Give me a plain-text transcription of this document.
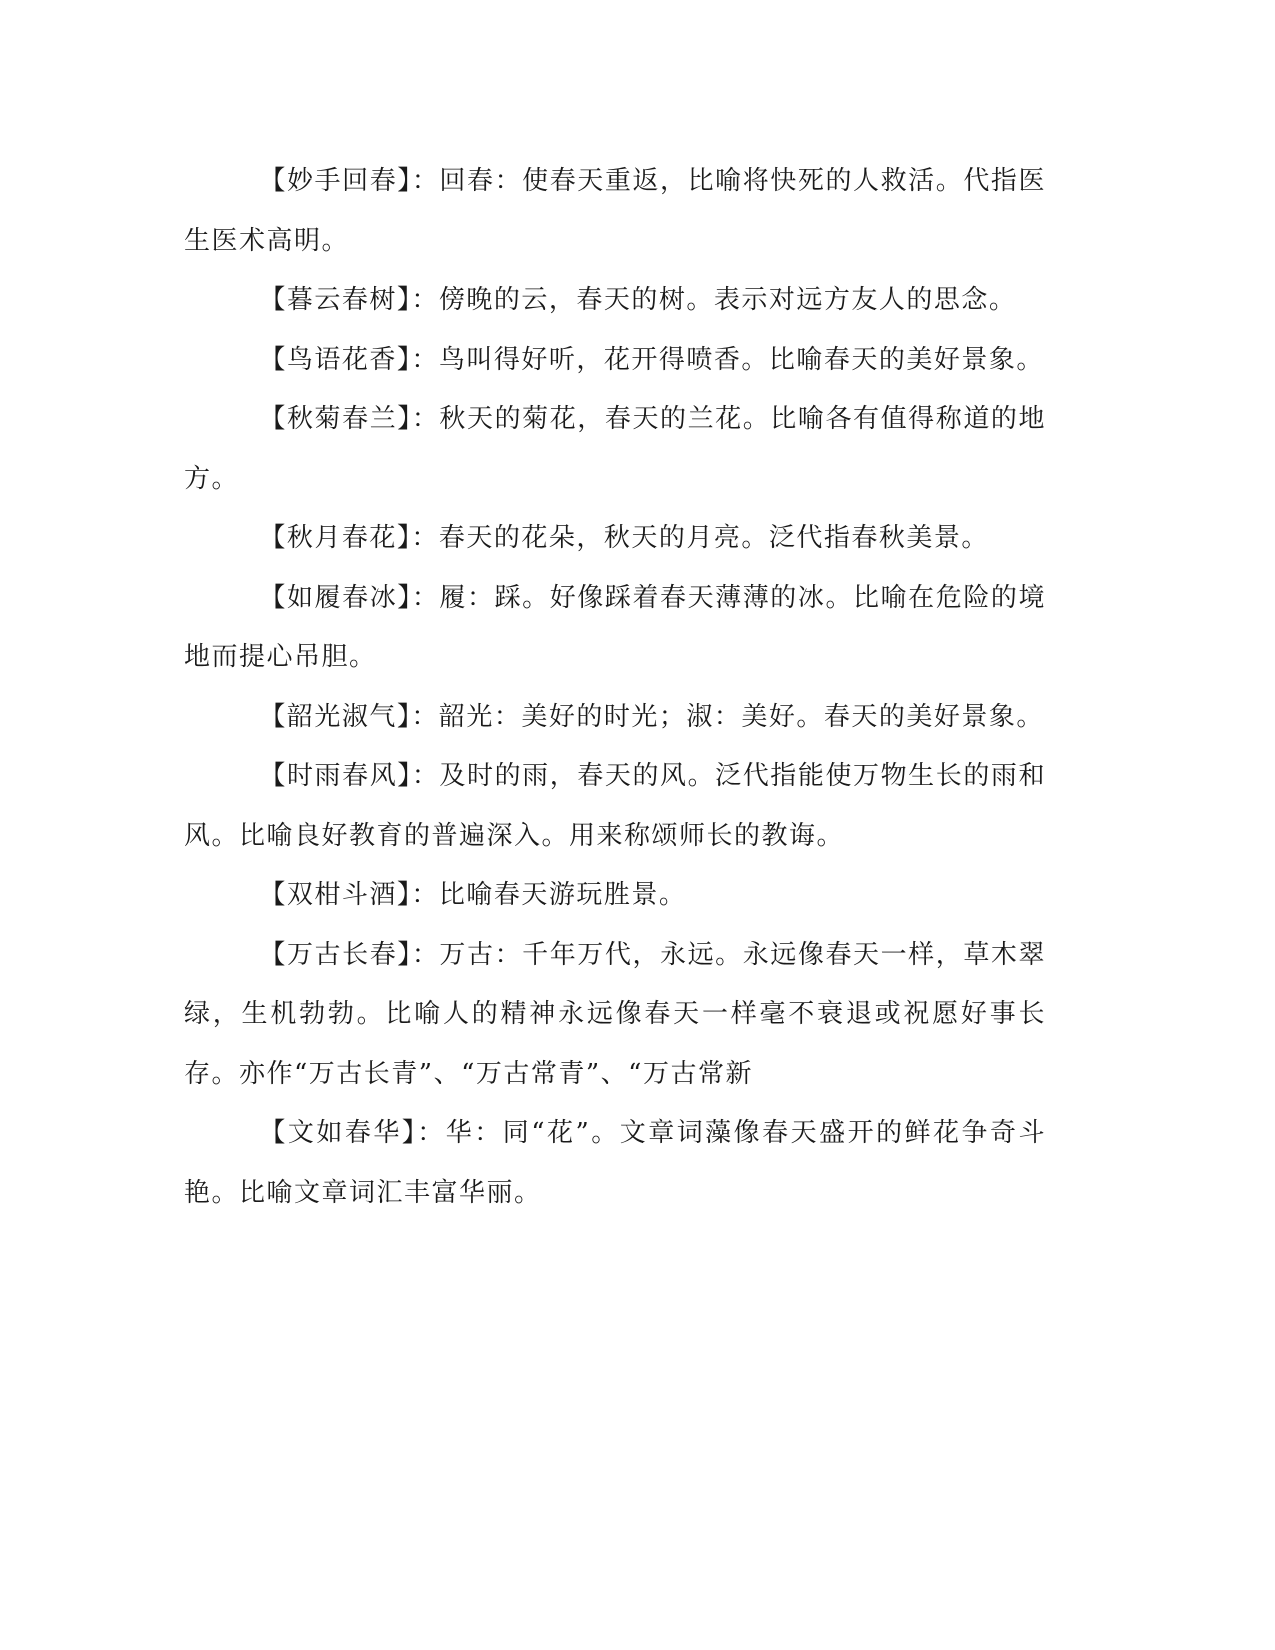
【妙手回春】：回春：使春天重返，比喻将快死的人救活。代指医生医术高明。

【暮云春树】：傍晚的云，春天的树。表示对远方友人的思念。

【鸟语花香】：鸟叫得好听，花开得喷香。比喻春天的美好景象。

【秋菊春兰】：秋天的菊花，春天的兰花。比喻各有值得称道的地方。

【秋月春花】：春天的花朵，秋天的月亮。泛代指春秋美景。

【如履春冰】：履：踩。好像踩着春天薄薄的冰。比喻在危险的境地而提心吊胆。

【韶光淑气】：韶光：美好的时光；淑：美好。春天的美好景象。

【时雨春风】：及时的雨，春天的风。泛代指能使万物生长的雨和风。比喻良好教育的普遍深入。用来称颂师长的教诲。

【双柑斗酒】：比喻春天游玩胜景。

【万古长春】：万古：千年万代，永远。永远像春天一样，草木翠绿，生机勃勃。比喻人的精神永远像春天一样毫不衰退或祝愿好事长存。亦作“万古长青”、“万古常青”、“万古常新

【文如春华】：华：同“花”。文章词藻像春天盛开的鲜花争奇斗艳。比喻文章词汇丰富华丽。
